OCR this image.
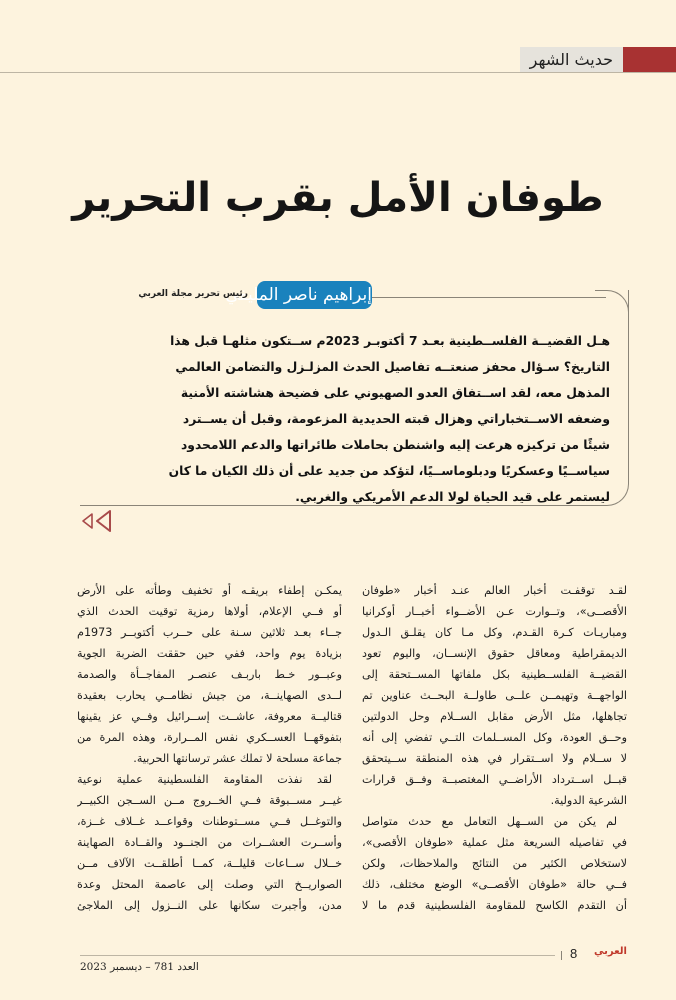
حديث الشهر
طوفان الأمل بقرب التحرير
إبراهيم ناصر المليفي
رئيس تحرير مجلة العربي
هـل القضيــة الفلســطينية بعـد 7 أكتوبـر 2023م ســتكون مثلهـا قبل هذا
التاريخ؟ سـؤال محفز صنعتــه تفاصيل الحدث المزلـزل والتضامن العالمي
المذهل معه، لقد اســتفاق العدو الصهيوني على فضيحة هشاشته الأمنية
وضعفه الاســتخباراتي وهزال قبته الحديدية المزعومة، وقبل أن يســترد
شيئًا من تركيزه هرعت إليه واشنطن بحاملات طائراتها والدعم اللامحدود
سياســيًا وعسكريًا ودبلوماســيًا، لتؤكد من جديد على أن ذلك الكيان ما كان
ليستمر على قيد الحياة لولا الدعم الأمريكي والغربي.
لقـد توقفـت أخبار العالم عنـد أخبار «طوفان
الأقصــى»، وتــوارت عـن الأضــواء أخبــار أوكرانيا
ومباريـات كـرة القـدم، وكل مـا كان يقلـق الـدول
الديمقراطية ومعاقل حقوق الإنســان، واليوم تعود
القضيــة الفلســطينية بكل ملفاتها المســتحقة إلى
الواجهــة وتهيمــن علــى طاولــة البحــث عناوين تم
تجاهلها، مثل الأرض مقابل الســلام وحل الدولتين
وحــق العودة، وكل المســلمات التــي تفضي إلى أنه
لا ســلام ولا اســتقرار في هذه المنطقة ســيتحقق
قبــل اســترداد الأراضــي المغتصبــة وفــق قرارات
الشرعية الدولية.
لم يكن من الســهل التعامل مع حدث متواصل
في تفاصيله السريعة مثل عملية «طوفان الأقصى»،
لاستخلاص الكثير من النتائج والملاحظات، ولكن
فــي حالة «طوفان الأقصــى» الوضع مختلف، ذلك
أن التقدم الكاسح للمقاومة الفلسطينية قدم ما لا
يمكـن إطفاء بريقـه أو تخفيف وطأته على الأرض
أو فــي الإعلام، أولاها رمزية توقيت الحدث الذي
جــاء بعـد ثلاثين سـنة على حــرب أكتوبــر 1973م
بزيادة يوم واحد، ففي حين حققت الضربة الجوية
وعبــور خـط باربـف عنصـر المفاجــأة والصدمة
لــدى الصهاينــة، من جيش نظامــي يحارب بعقيدة
قتاليــة معروفة، عاشــت إســرائيل وفــي عز يقينها
بتفوقهــا العســكري نفس المــرارة، وهذه المرة من
جماعة مسلحة لا تملك عشر ترسانتها الحربية.
لقد نفذت المقاومة الفلسطينية عملية نوعية
غيــر مســبوقة فــي الخــروج مــن الســجن الكبيــر
والتوغــل فــي مســتوطنات وقواعــد غــلاف غــزة،
وأســرت العشــرات من الجنــود والقــادة الصهاينة
خــلال ســاعات قليلــة، كمــا أطلقــت الآلاف مــن
الصواريــخ التي وصلت إلى عاصمة المحتل وعدة
مدن، وأجبرت سكانها على النــزول إلى الملاجئ
8 العربي
العدد 781 – ديسمبر 2023
